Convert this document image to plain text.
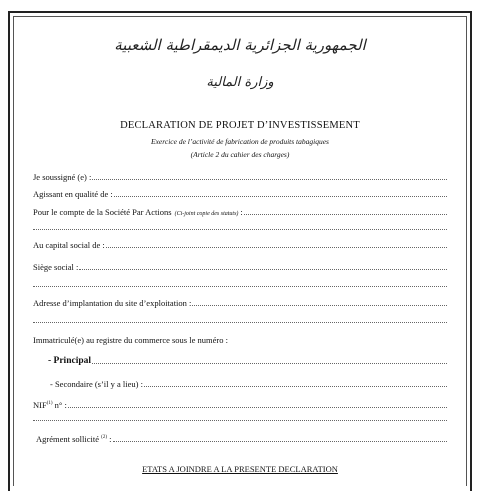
الجمهورية الجزائرية الديمقراطية الشعبية
وزارة المالية
DECLARATION DE PROJET D’INVESTISSEMENT
Exercice de l’activité de fabrication de produits tabagiques
(Article 2 du cahier des charges)
Je soussigné (e) :
Agissant en qualité de :
Pour le compte de la Société Par Actions (Ci-joint copie des statuts) :
Au capital social de :
Siège social :
Adresse d’implantation du site d’exploitation :
Immatriculé(e) au registre du commerce sous le numéro :
- Principal
- Secondaire (s’il y a lieu) :
NIF$^{(1)}$ n° :
Agrément sollicité $^{(2)}$ :
ETATS A JOINDRE A LA PRESENTE DECLARATION
